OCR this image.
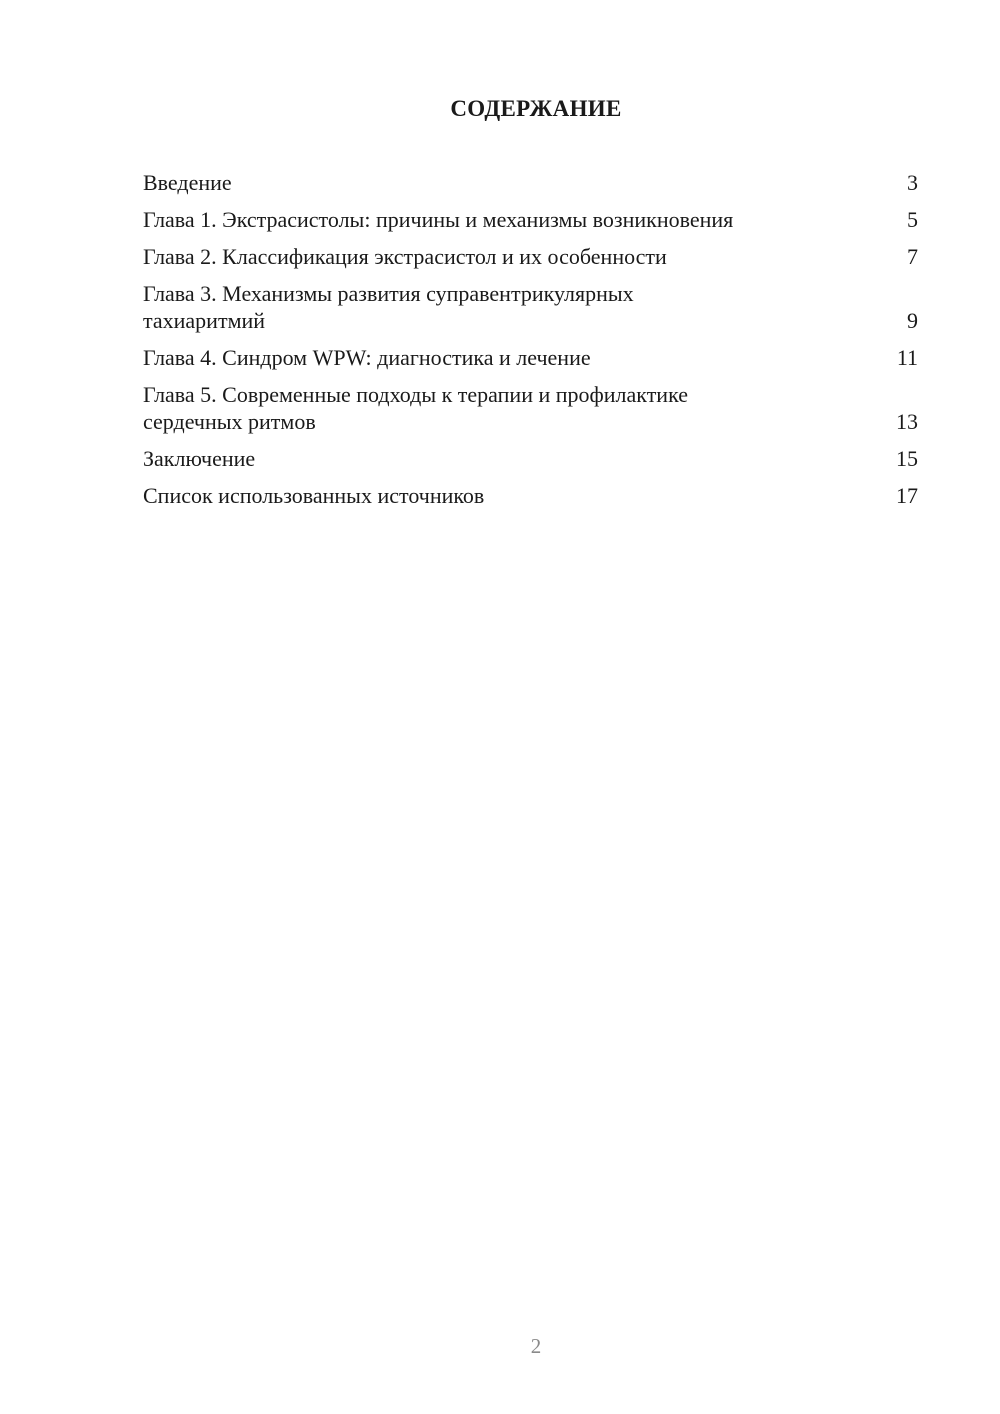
СОДЕРЖАНИЕ
Введение	3
Глава 1. Экстрасистолы: причины и механизмы возникновения	5
Глава 2. Классификация экстрасистол и их особенности	7
Глава 3. Механизмы развития суправентрикулярных тахиаритмий	9
Глава 4. Синдром WPW: диагностика и лечение	11
Глава 5. Современные подходы к терапии и профилактике сердечных ритмов	13
Заключение	15
Список использованных источников	17
2
